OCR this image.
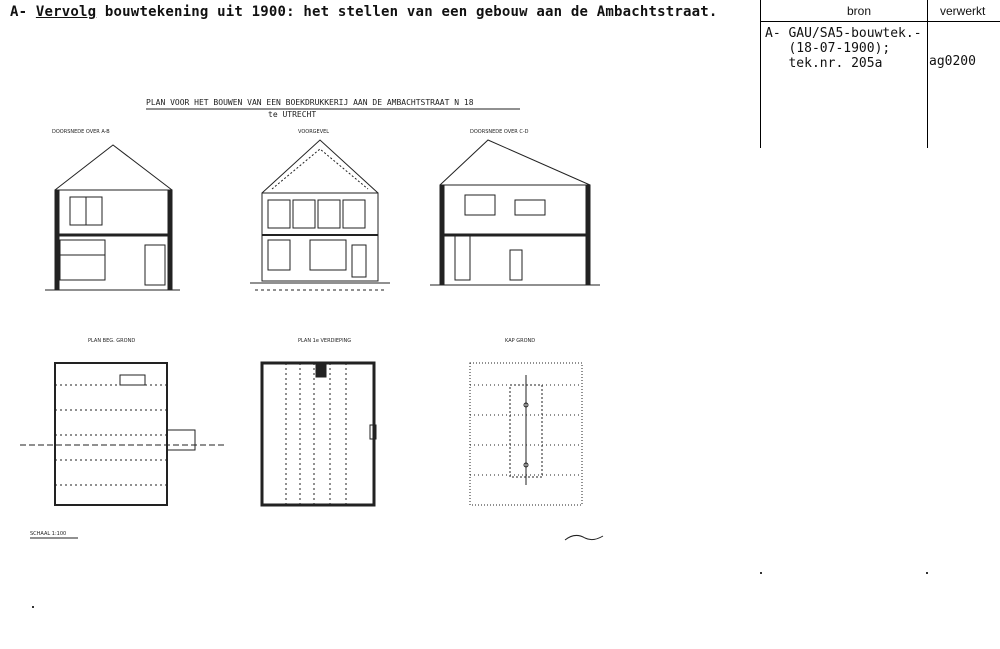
A- Vervolg bouwtekening uit 1900: het stellen van een gebouw aan de Ambachtstraat.
PLAN VOOR HET BOUWEN VAN EEN BOEKDRUKKERIJ AAN DE AMBACHTSTRAAT N 18
te UTRECHT
DOORSNEDE OVER A-B	VOORGEVEL	DOORSNEDE OVER C-D
PLAN BEG. GROND	PLAN 1e VERDIEPING	KAP GROND
SCHAAL 1:100
bron	verwerkt
A- GAU/SA5-bouwtek.-
(18-07-1900);
tek.nr. 205a	ag0200
